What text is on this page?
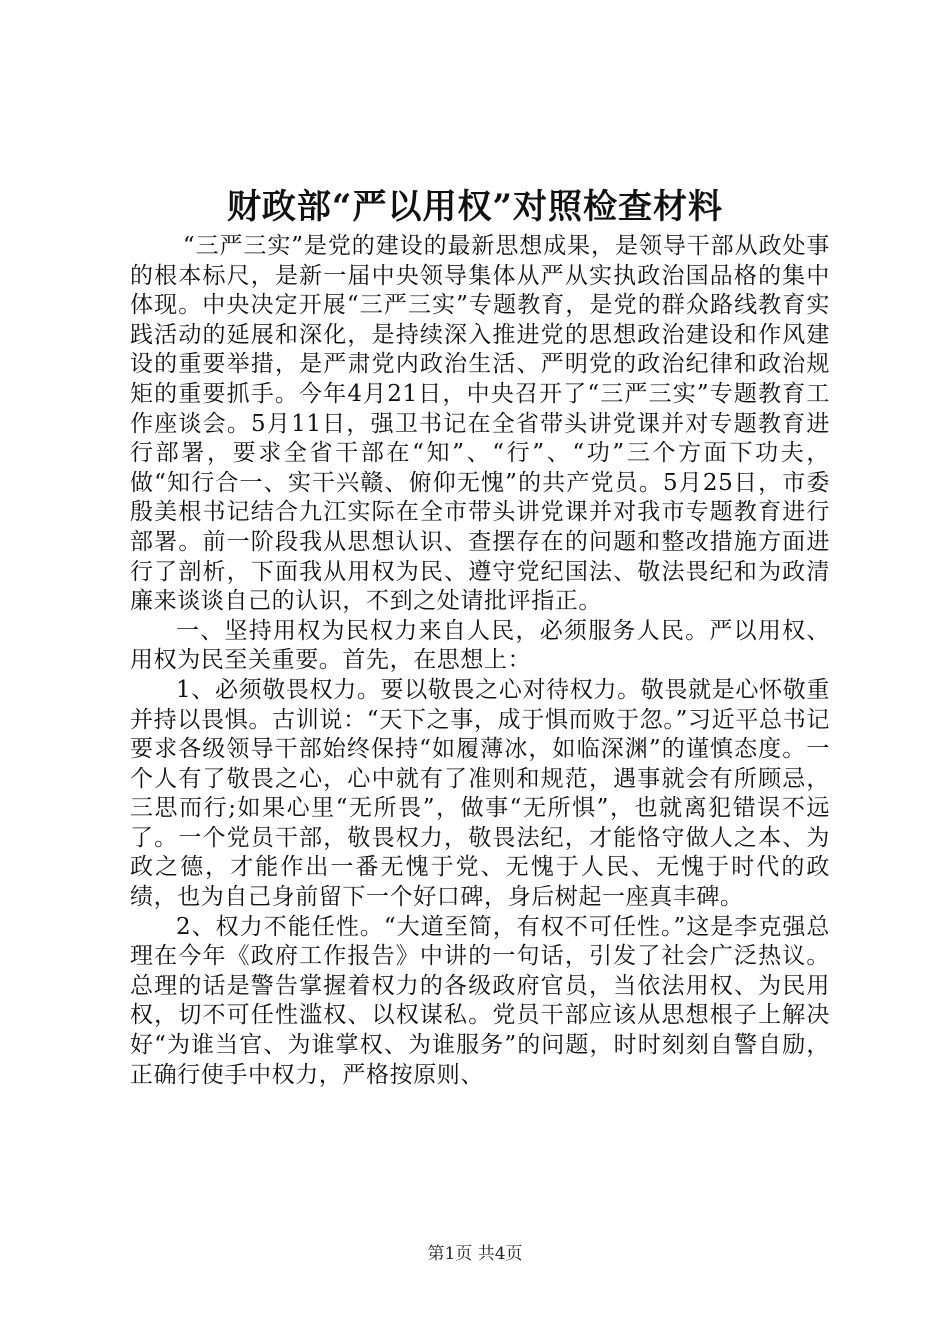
财政部“严以用权”对照检查材料

“三严三实”是党的建设的最新思想成果，是领导干部从政处事的根本标尺，是新一届中央领导集体从严从实执政治国品格的集中体现。中央决定开展“三严三实”专题教育，是党的群众路线教育实践活动的延展和深化，是持续深入推进党的思想政治建设和作风建设的重要举措，是严肃党内政治生活、严明党的政治纪律和政治规矩的重要抓手。今年4月21日，中央召开了“三严三实”专题教育工作座谈会。5月11日，强卫书记在全省带头讲党课并对专题教育进行部署，要求全省干部在“知”、“行”、“功”三个方面下功夫，做“知行合一、实干兴赣、俯仰无愧”的共产党员。5月25日，市委殷美根书记结合九江实际在全市带头讲党课并对我市专题教育进行部署。前一阶段我从思想认识、查摆存在的问题和整改措施方面进行了剖析，下面我从用权为民、遵守党纪国法、敬法畏纪和为政清廉来谈谈自己的认识，不到之处请批评指正。

一、坚持用权为民权力来自人民，必须服务人民。严以用权、用权为民至关重要。首先，在思想上：

1、必须敬畏权力。要以敬畏之心对待权力。敬畏就是心怀敬重并持以畏惧。古训说：“天下之事，成于惧而败于忽。”习近平总书记要求各级领导干部始终保持“如履薄冰，如临深渊”的谨慎态度。一个人有了敬畏之心，心中就有了准则和规范，遇事就会有所顾忌，三思而行;如果心里“无所畏”，做事“无所惧”，也就离犯错误不远了。一个党员干部，敬畏权力，敬畏法纪，才能恪守做人之本、为政之德，才能作出一番无愧于党、无愧于人民、无愧于时代的政绩，也为自己身前留下一个好口碑，身后树起一座真丰碑。

2、权力不能任性。“大道至简，有权不可任性。”这是李克强总理在今年《政府工作报告》中讲的一句话，引发了社会广泛热议。总理的话是警告掌握着权力的各级政府官员，当依法用权、为民用权，切不可任性滥权、以权谋私。党员干部应该从思想根子上解决好“为谁当官、为谁掌权、为谁服务”的问题，时时刻刻自警自励，正确行使手中权力，严格按原则、

第1页 共4页
